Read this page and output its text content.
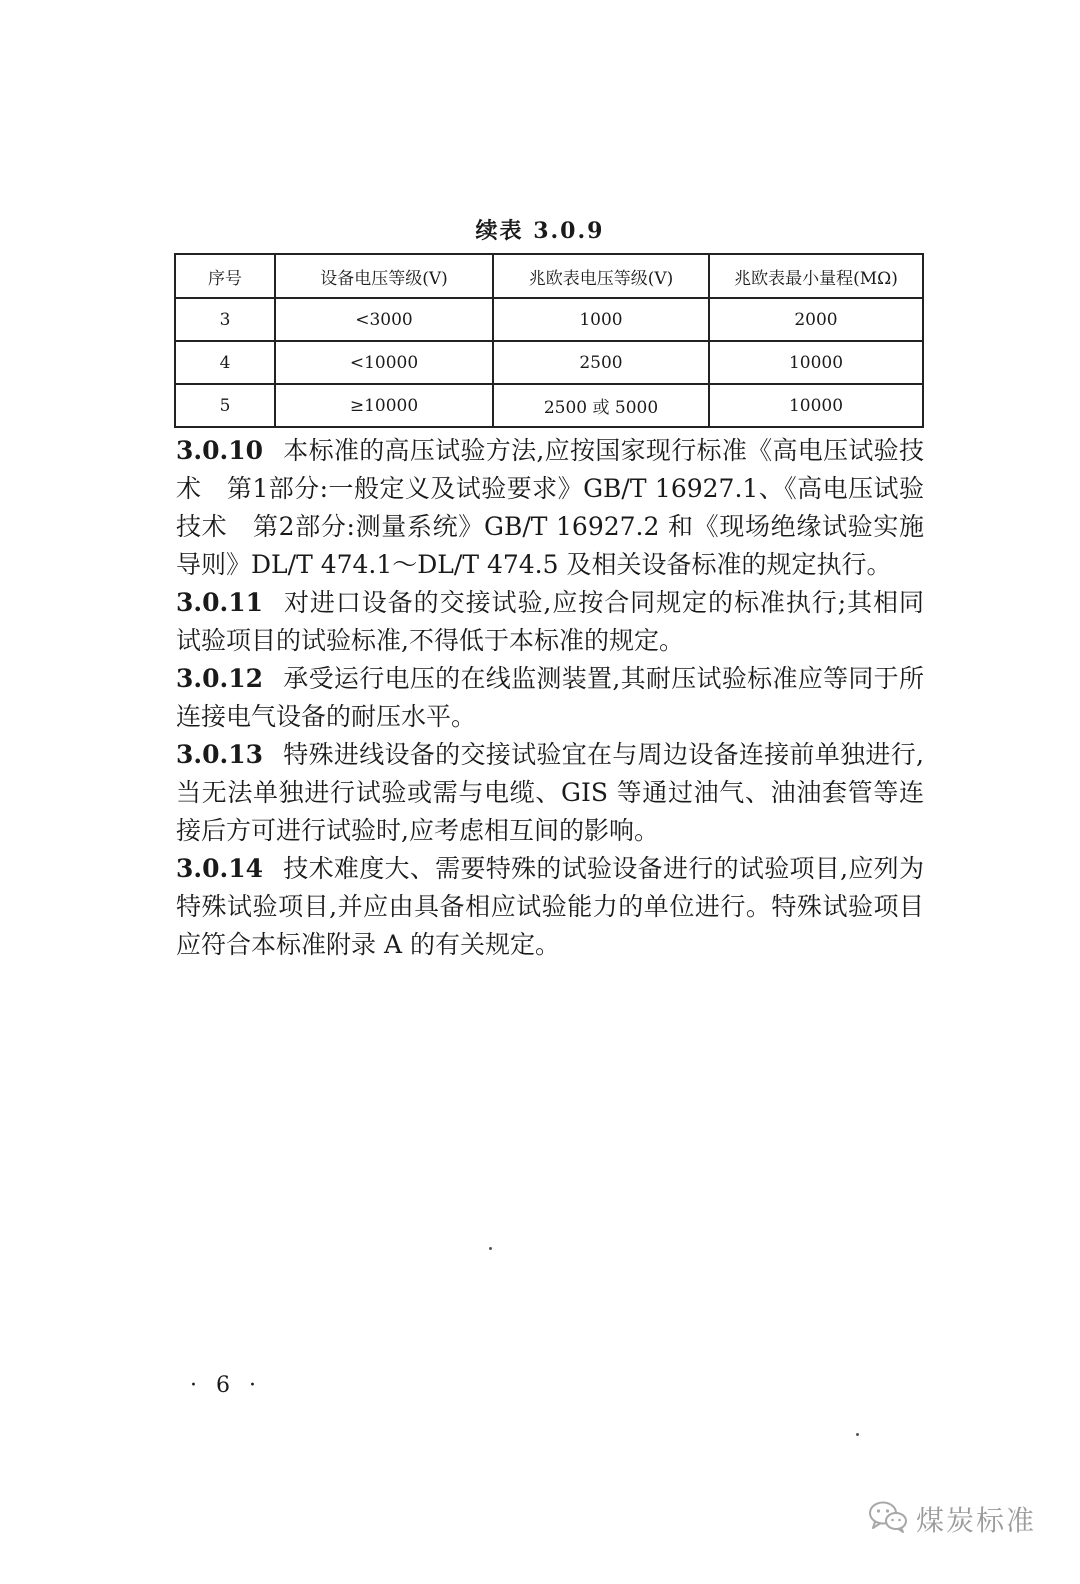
续表 3.0.9
序号	设备电压等级(V)	兆欧表电压等级(V)	兆欧表最小量程(MΩ)
3	<3000	1000	2000
4	<10000	2500	10000
5	≥10000	2500 或 5000	10000

3.0.10 本标准的高压试验方法,应按国家现行标准《高电压试验技术　第1部分:一般定义及试验要求》GB/T 16927.1、《高电压试验技术　第2部分:测量系统》GB/T 16927.2 和《现场绝缘试验实施导则》DL/T 474.1～DL/T 474.5 及相关设备标准的规定执行。

3.0.11 对进口设备的交接试验,应按合同规定的标准执行;其相同试验项目的试验标准,不得低于本标准的规定。

3.0.12 承受运行电压的在线监测装置,其耐压试验标准应等同于所连接电气设备的耐压水平。

3.0.13 特殊进线设备的交接试验宜在与周边设备连接前单独进行,当无法单独进行试验或需与电缆、GIS 等通过油气、油油套管等连接后方可进行试验时,应考虑相互间的影响。

3.0.14 技术难度大、需要特殊的试验设备进行的试验项目,应列为特殊试验项目,并应由具备相应试验能力的单位进行。特殊试验项目应符合本标准附录 A 的有关规定。

· 6 ·
煤炭标准
